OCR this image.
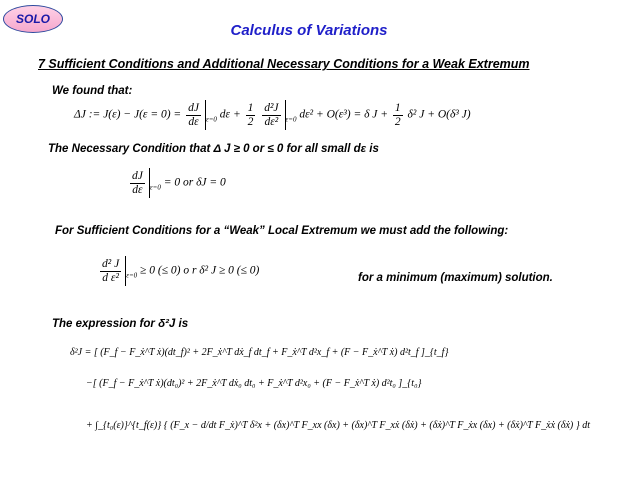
SOLO
Calculus of Variations
7 Sufficient Conditions and Additional Necessary Conditions for a Weak Extremum
We found that:
ΔJ := $J(\varepsilon) - J(\varepsilon = 0) = \frac{dJ}{d\varepsilon} _{\varepsilon=0}$ $d\varepsilon + \frac{1}{2}$
$\frac{\text{d²J}}{\text{dε²}} _{\varepsilon=0}$ dε² + O(ε³) = δ $J + \frac{1}{2} \delta^2$ J + O(δ³ J)
The Necessary Condition that Δ J ≥ 0 or ≤ 0 for all small dε is
$\frac{dJ}{d\varepsilon} _{\varepsilon=0} = 0$ or δJ = 0
For Sufficient Conditions for a “Weak” Local Extremum we must add the following:
$\frac{\text{d² J}}{\text{d ε²}} _{\varepsilon=0} \ge 0$ (≤ 0) o r δ² J ≥ 0 (≤ 0)
for a minimum (maximum) solution.
The expression for δ²J is
δ²J = [ (F_f − F_ẋ^T ẋ)(dt_f)² + 2F_ẋ^T dẋ_f dt_f + F_ẋ^T d²x_f + (F − F_ẋ^T ẋ) d²t_f ]_{t_f}
−[ (F_f − F_ẋ^T ẋ)(dt₀)² + 2F_ẋ^T dẋ₀ dt₀ + F_ẋ^T d²x₀ + (F − F_ẋ^T ẋ) d²t₀ ]_{t₀}
+ ∫_{t₀(ε)}^{t_f(ε)} { (F_x − d/dt F_ẋ)^T δ²x + (δx)^T F_xx (δx) + (δx)^T F_xẋ (δẋ) + (δẋ)^T F_ẋx (δx) + (δẋ)^T F_ẋẋ (δẋ) } dt
